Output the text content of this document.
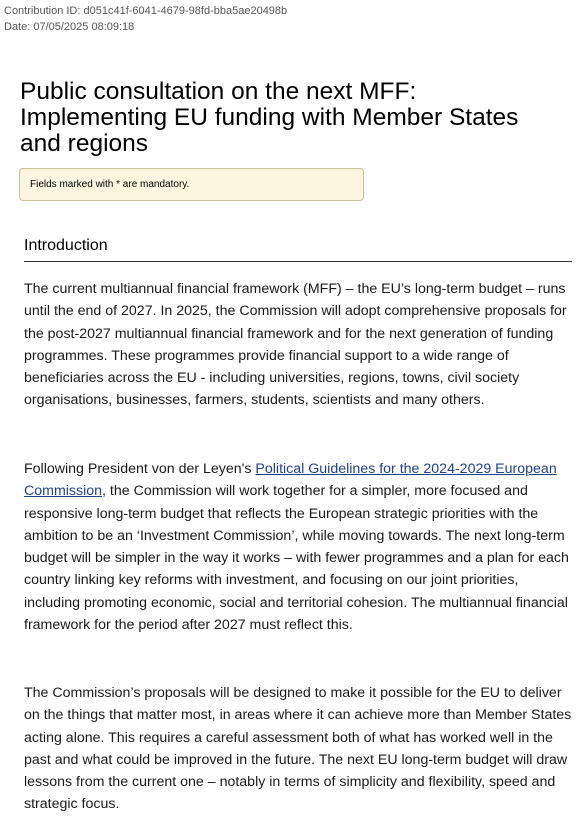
Contribution ID: d051c41f-6041-4679-98fd-bba5ae20498b
Date: 07/05/2025 08:09:18
Public consultation on the next MFF: Implementing EU funding with Member States and regions
Fields marked with * are mandatory.
Introduction

The current multiannual financial framework (MFF) – the EU’s long-term budget – runs until the end of 2027. In 2025, the Commission will adopt comprehensive proposals for the post-2027 multiannual financial framework and for the next generation of funding programmes. These programmes provide financial support to a wide range of beneficiaries across the EU - including universities, regions, towns, civil society organisations, businesses, farmers, students, scientists and many others.

Following President von der Leyen's Political Guidelines for the 2024-2029 European Commission, the Commission will work together for a simpler, more focused and responsive long-term budget that reflects the European strategic priorities with the ambition to be an ‘Investment Commission’, while moving towards. The next long-term budget will be simpler in the way it works – with fewer programmes and a plan for each country linking key reforms with investment, and focusing on our joint priorities, including promoting economic, social and territorial cohesion. The multiannual financial framework for the period after 2027 must reflect this.

The Commission’s proposals will be designed to make it possible for the EU to deliver on the things that matter most, in areas where it can achieve more than Member States acting alone. This requires a careful assessment both of what has worked well in the past and what could be improved in the future. The next EU long-term budget will draw lessons from the current one – notably in terms of simplicity and flexibility, speed and strategic focus.
